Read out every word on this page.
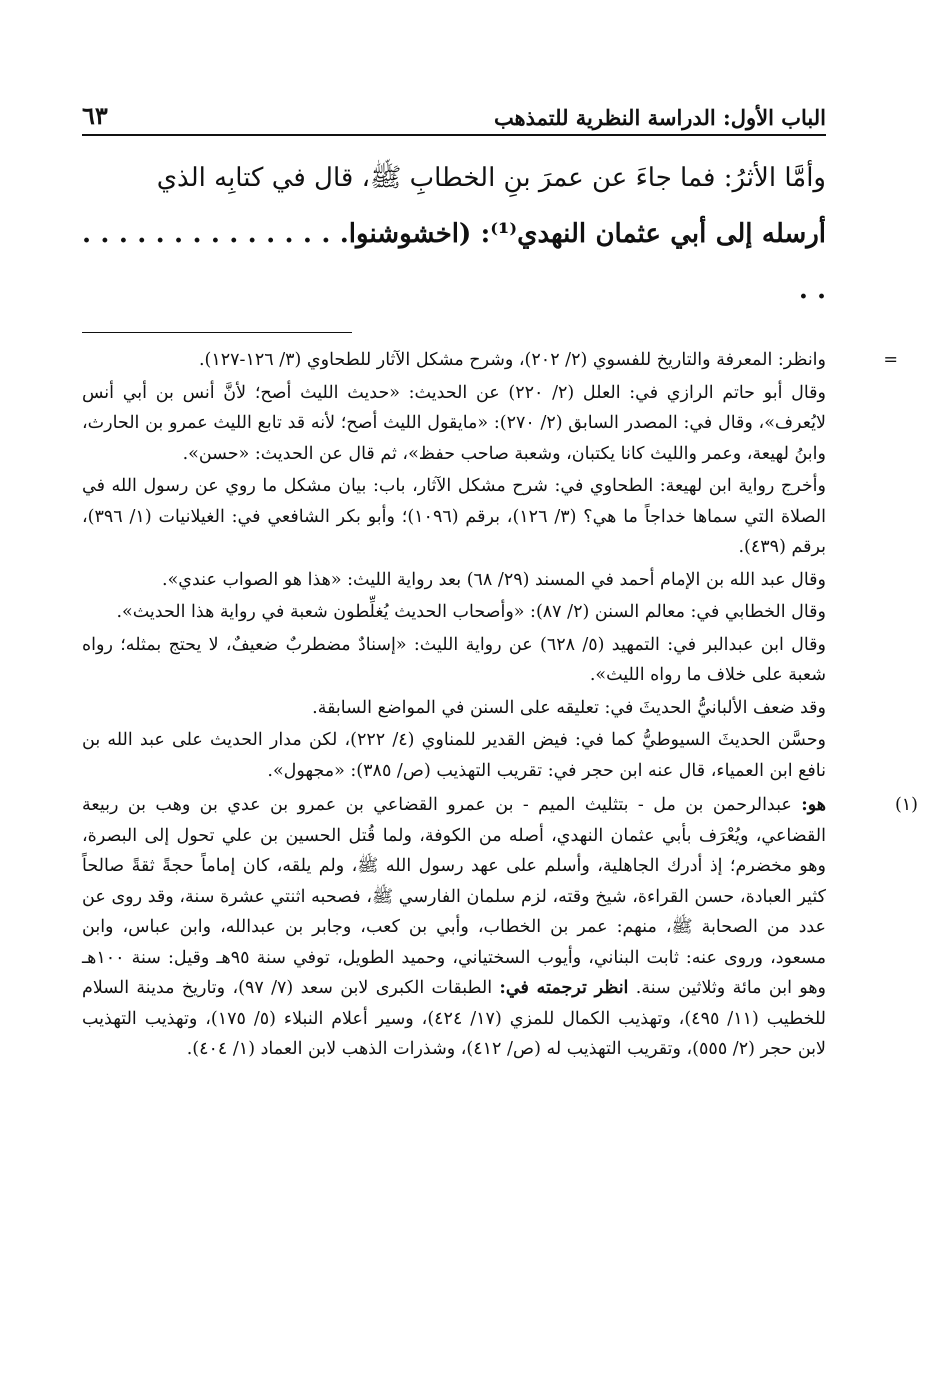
الباب الأول: الدراسة النظرية للتمذهب
٦٣
وأمَّا الأثرُ: فما جاءَ عن عمرَ بنِ الخطابِ ﷺ، قال في كتابِه الذي
أرسله إلى أبي عثمان النهدي⁽¹⁾: (اخشوشنوا. . . . . . . . . . . . . . . . .
=
وانظر: المعرفة والتاريخ للفسوي (٢/ ٢٠٢)، وشرح مشكل الآثار للطحاوي (٣/ ١٢٦-١٢٧).
وقال أبو حاتم الرازي في: العلل (٢/ ٢٢٠) عن الحديث: «حديث الليث أصح؛ لأنَّ أنس بن أبي أنس لايُعرف»، وقال في: المصدر السابق (٢/ ٢٧٠): «مايقول الليث أصح؛ لأنه قد تابع الليث عمرو بن الحارث، وابنُ لهيعة، وعمر والليث كانا يكتبان، وشعبة صاحب حفظ»، ثم قال عن الحديث: «حسن».
وأخرج رواية ابن لهيعة: الطحاوي في: شرح مشكل الآثار، باب: بيان مشكل ما روي عن رسول الله في الصلاة التي سماها خداجاً ما هي؟ (٣/ ١٢٦)، برقم (١٠٩٦)؛ وأبو بكر الشافعي في: الغيلانيات (١/ ٣٩٦)، برقم (٤٣٩).
وقال عبد الله بن الإمام أحمد في المسند (٢٩/ ٦٨) بعد رواية الليث: «هذا هو الصواب عندي».
وقال الخطابي في: معالم السنن (٢/ ٨٧): «وأصحاب الحديث يُغلِّطون شعبة في رواية هذا الحديث».
وقال ابن عبدالبر في: التمهيد (٥/ ٦٢٨) عن رواية الليث: «إسنادٌ مضطربٌ ضعيفٌ، لا يحتج بمثله؛ رواه شعبة على خلاف ما رواه الليث».
وقد ضعف الألبانيُّ الحديثَ في: تعليقه على السنن في المواضع السابقة.
وحسَّن الحديثَ السيوطيُّ كما في: فيض القدير للمناوي (٤/ ٢٢٢)، لكن مدار الحديث على عبد الله بن نافع ابن العمياء، قال عنه ابن حجر في: تقريب التهذيب (ص/ ٣٨٥): «مجهول».
(١)
هو: عبدالرحمن بن مل - بتثليث الميم - بن عمرو القضاعي بن عمرو بن عدي بن وهب بن ربيعة القضاعي، ويُعْرَف بأبي عثمان النهدي، أصله من الكوفة، ولما قُتل الحسين بن علي تحول إلى البصرة، وهو مخضرم؛ إذ أدرك الجاهلية، وأسلم على عهد رسول الله ﷺ، ولم يلقه، كان إماماً حجةً ثقةً صالحاً كثير العبادة، حسن القراءة، شيخ وقته، لزم سلمان الفارسي ﷺ، فصحبه اثنتي عشرة سنة، وقد روى عن عدد من الصحابة ﷺ، منهم: عمر بن الخطاب، وأبي بن كعب، وجابر بن عبدالله، وابن عباس، وابن مسعود، وروى عنه: ثابت البناني، وأيوب السختياني، وحميد الطويل، توفي سنة ٩٥هـ وقيل: سنة ١٠٠هـ وهو ابن مائة وثلاثين سنة. انظر ترجمته في: الطبقات الكبرى لابن سعد (٧/ ٩٧)، وتاريخ مدينة السلام للخطيب (١١/ ٤٩٥)، وتهذيب الكمال للمزي (١٧/ ٤٢٤)، وسير أعلام النبلاء (٥/ ١٧٥)، وتهذيب التهذيب لابن حجر (٢/ ٥٥٥)، وتقريب التهذيب له (ص/ ٤١٢)، وشذرات الذهب لابن العماد (١/ ٤٠٤).
